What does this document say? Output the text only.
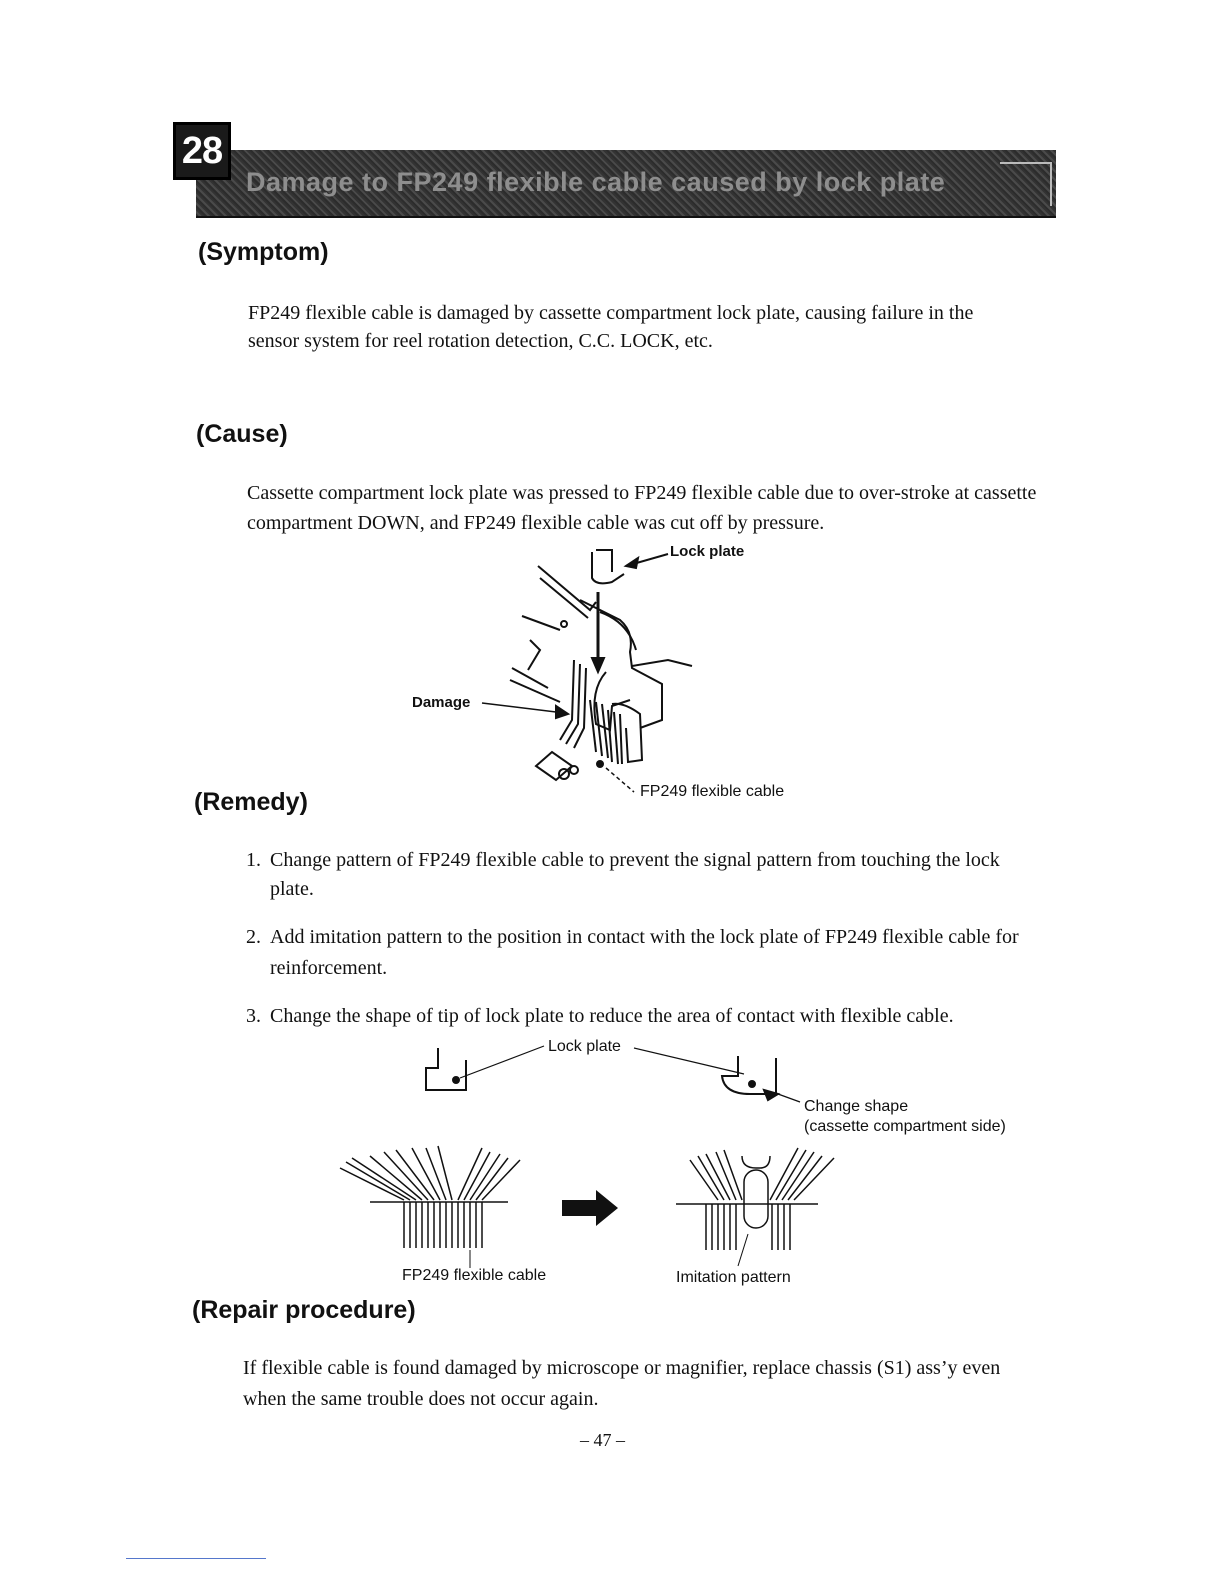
Damage to FP249 flexible cable caused by lock plate
28
(Symptom)
FP249 flexible cable is damaged by cassette compartment lock plate, causing failure in the
sensor system for reel rotation detection, C.C. LOCK, etc.
(Cause)
Cassette compartment lock plate was pressed to FP249 flexible cable due to over-stroke at cassette
compartment DOWN, and FP249 flexible cable was cut off by pressure.
Lock plate
Damage
FP249 flexible cable
(Remedy)
1. Change pattern of FP249 flexible cable to prevent the signal pattern from touching the lock
plate.
2. Add imitation pattern to the position in contact with the lock plate of FP249 flexible cable for
reinforcement.
3. Change the shape of tip of lock plate to reduce the area of contact with flexible cable.
Lock plate
Change shape
(cassette compartment side)
FP249 flexible cable	Imitation pattern
(Repair procedure)
If flexible cable is found damaged by microscope or magnifier, replace chassis (S1) ass’y even
when the same trouble does not occur again.
– 47 –
